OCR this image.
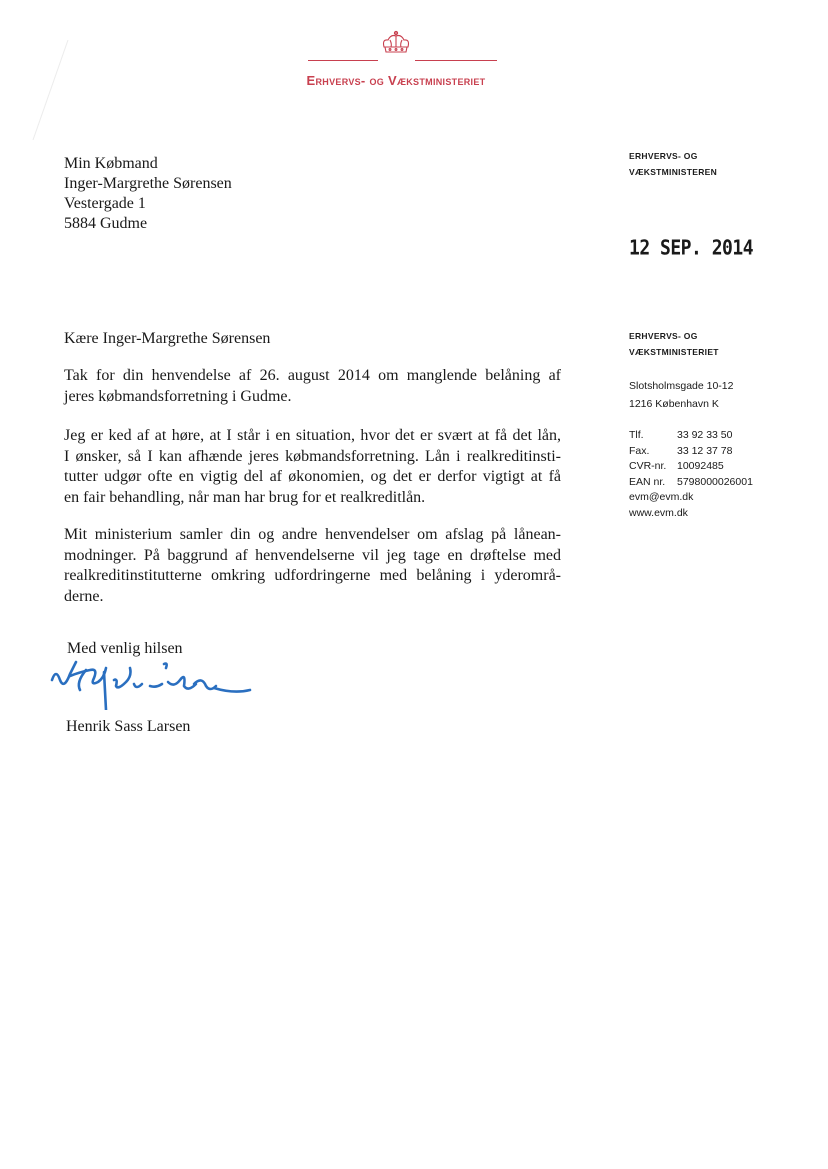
Erhvervs- og Vækstministeriet
Min Købmand
Inger-Margrethe Sørensen
Vestergade 1
5884 Gudme
ERHVERVS- OG
VÆKSTMINISTEREN
12 SEP. 2014
ERHVERVS- OG
VÆKSTMINISTERIET
Slotsholmsgade 10-12
1216 København K
Tlf.	33 92 33 50
Fax.	33 12 37 78
CVR-nr.	10092485
EAN nr.	5798000026001
evm@evm.dk
www.evm.dk
Kære Inger-Margrethe Sørensen
Tak for din henvendelse af 26. august 2014 om manglende belåning af
jeres købmandsforretning i Gudme.
Jeg er ked af at høre, at I står i en situation, hvor det er svært at få det lån,
I ønsker, så I kan afhænde jeres købmandsforretning. Lån i realkreditinsti-
tutter udgør ofte en vigtig del af økonomien, og det er derfor vigtigt at få
en fair behandling, når man har brug for et realkreditlån.
Mit ministerium samler din og andre henvendelser om afslag på lånean-
modninger. På baggrund af henvendelserne vil jeg tage en drøftelse med
realkreditinstitutterne omkring udfordringerne med belåning i yderområ-
derne.
Med venlig hilsen
Henrik Sass Larsen
